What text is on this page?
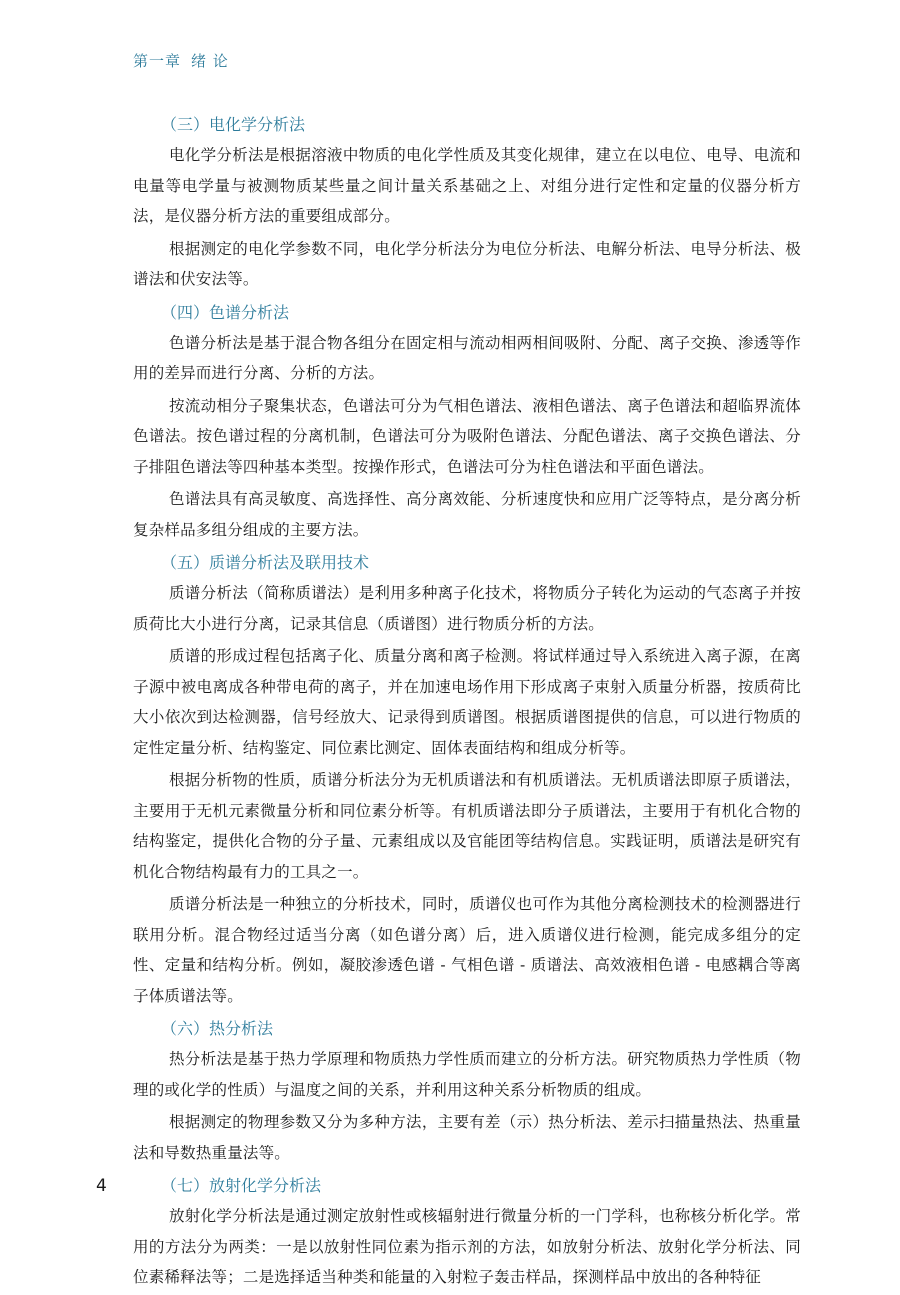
第一章 绪 论
（三）电化学分析法

电化学分析法是根据溶液中物质的电化学性质及其变化规律，建立在以电位、电导、电流和电量等电学量与被测物质某些量之间计量关系基础之上、对组分进行定性和定量的仪器分析方法，是仪器分析方法的重要组成部分。

根据测定的电化学参数不同，电化学分析法分为电位分析法、电解分析法、电导分析法、极谱法和伏安法等。

（四）色谱分析法

色谱分析法是基于混合物各组分在固定相与流动相两相间吸附、分配、离子交换、渗透等作用的差异而进行分离、分析的方法。

按流动相分子聚集状态，色谱法可分为气相色谱法、液相色谱法、离子色谱法和超临界流体色谱法。按色谱过程的分离机制，色谱法可分为吸附色谱法、分配色谱法、离子交换色谱法、分子排阻色谱法等四种基本类型。按操作形式，色谱法可分为柱色谱法和平面色谱法。

色谱法具有高灵敏度、高选择性、高分离效能、分析速度快和应用广泛等特点，是分离分析复杂样品多组分组成的主要方法。

（五）质谱分析法及联用技术

质谱分析法（简称质谱法）是利用多种离子化技术，将物质分子转化为运动的气态离子并按质荷比大小进行分离，记录其信息（质谱图）进行物质分析的方法。

质谱的形成过程包括离子化、质量分离和离子检测。将试样通过导入系统进入离子源，在离子源中被电离成各种带电荷的离子，并在加速电场作用下形成离子束射入质量分析器，按质荷比大小依次到达检测器，信号经放大、记录得到质谱图。根据质谱图提供的信息，可以进行物质的定性定量分析、结构鉴定、同位素比测定、固体表面结构和组成分析等。

根据分析物的性质，质谱分析法分为无机质谱法和有机质谱法。无机质谱法即原子质谱法，主要用于无机元素微量分析和同位素分析等。有机质谱法即分子质谱法，主要用于有机化合物的结构鉴定，提供化合物的分子量、元素组成以及官能团等结构信息。实践证明，质谱法是研究有机化合物结构最有力的工具之一。

质谱分析法是一种独立的分析技术，同时，质谱仪也可作为其他分离检测技术的检测器进行联用分析。混合物经过适当分离（如色谱分离）后，进入质谱仪进行检测，能完成多组分的定性、定量和结构分析。例如，凝胶渗透色谱 - 气相色谱 - 质谱法、高效液相色谱 - 电感耦合等离子体质谱法等。

（六）热分析法

热分析法是基于热力学原理和物质热力学性质而建立的分析方法。研究物质热力学性质（物理的或化学的性质）与温度之间的关系，并利用这种关系分析物质的组成。

根据测定的物理参数又分为多种方法，主要有差（示）热分析法、差示扫描量热法、热重量法和导数热重量法等。

（七）放射化学分析法

放射化学分析法是通过测定放射性或核辐射进行微量分析的一门学科，也称核分析化学。常用的方法分为两类：一是以放射性同位素为指示剂的方法，如放射分析法、放射化学分析法、同位素稀释法等；二是选择适当种类和能量的入射粒子轰击样品，探测样品中放出的各种特征

4
